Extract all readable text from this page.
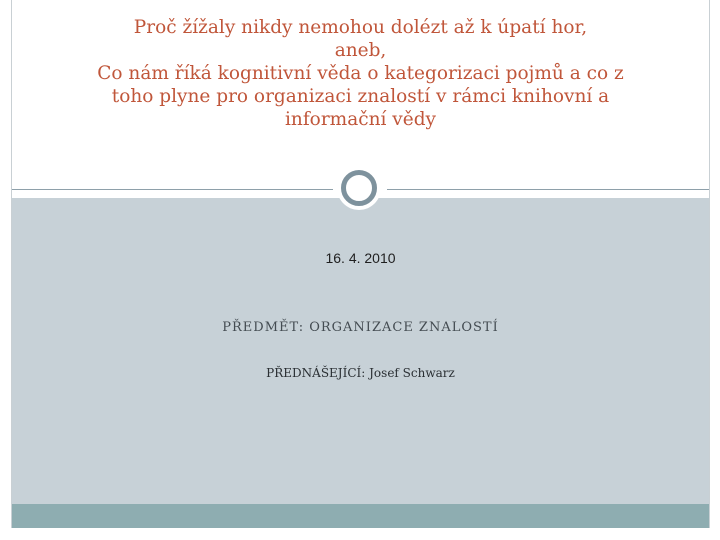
Proč žížaly nikdy nemohou dolézt až k úpatí hor,
aneb,
Co nám říká kognitivní věda o kategorizaci pojmů a co z
toho plyne pro organizaci znalostí v rámci knihovní a
informační vědy
16. 4. 2010
PŘEDMĚT: ORGANIZACE ZNALOSTÍ
PŘEDNÁŠEJÍCÍ: Josef Schwarz
